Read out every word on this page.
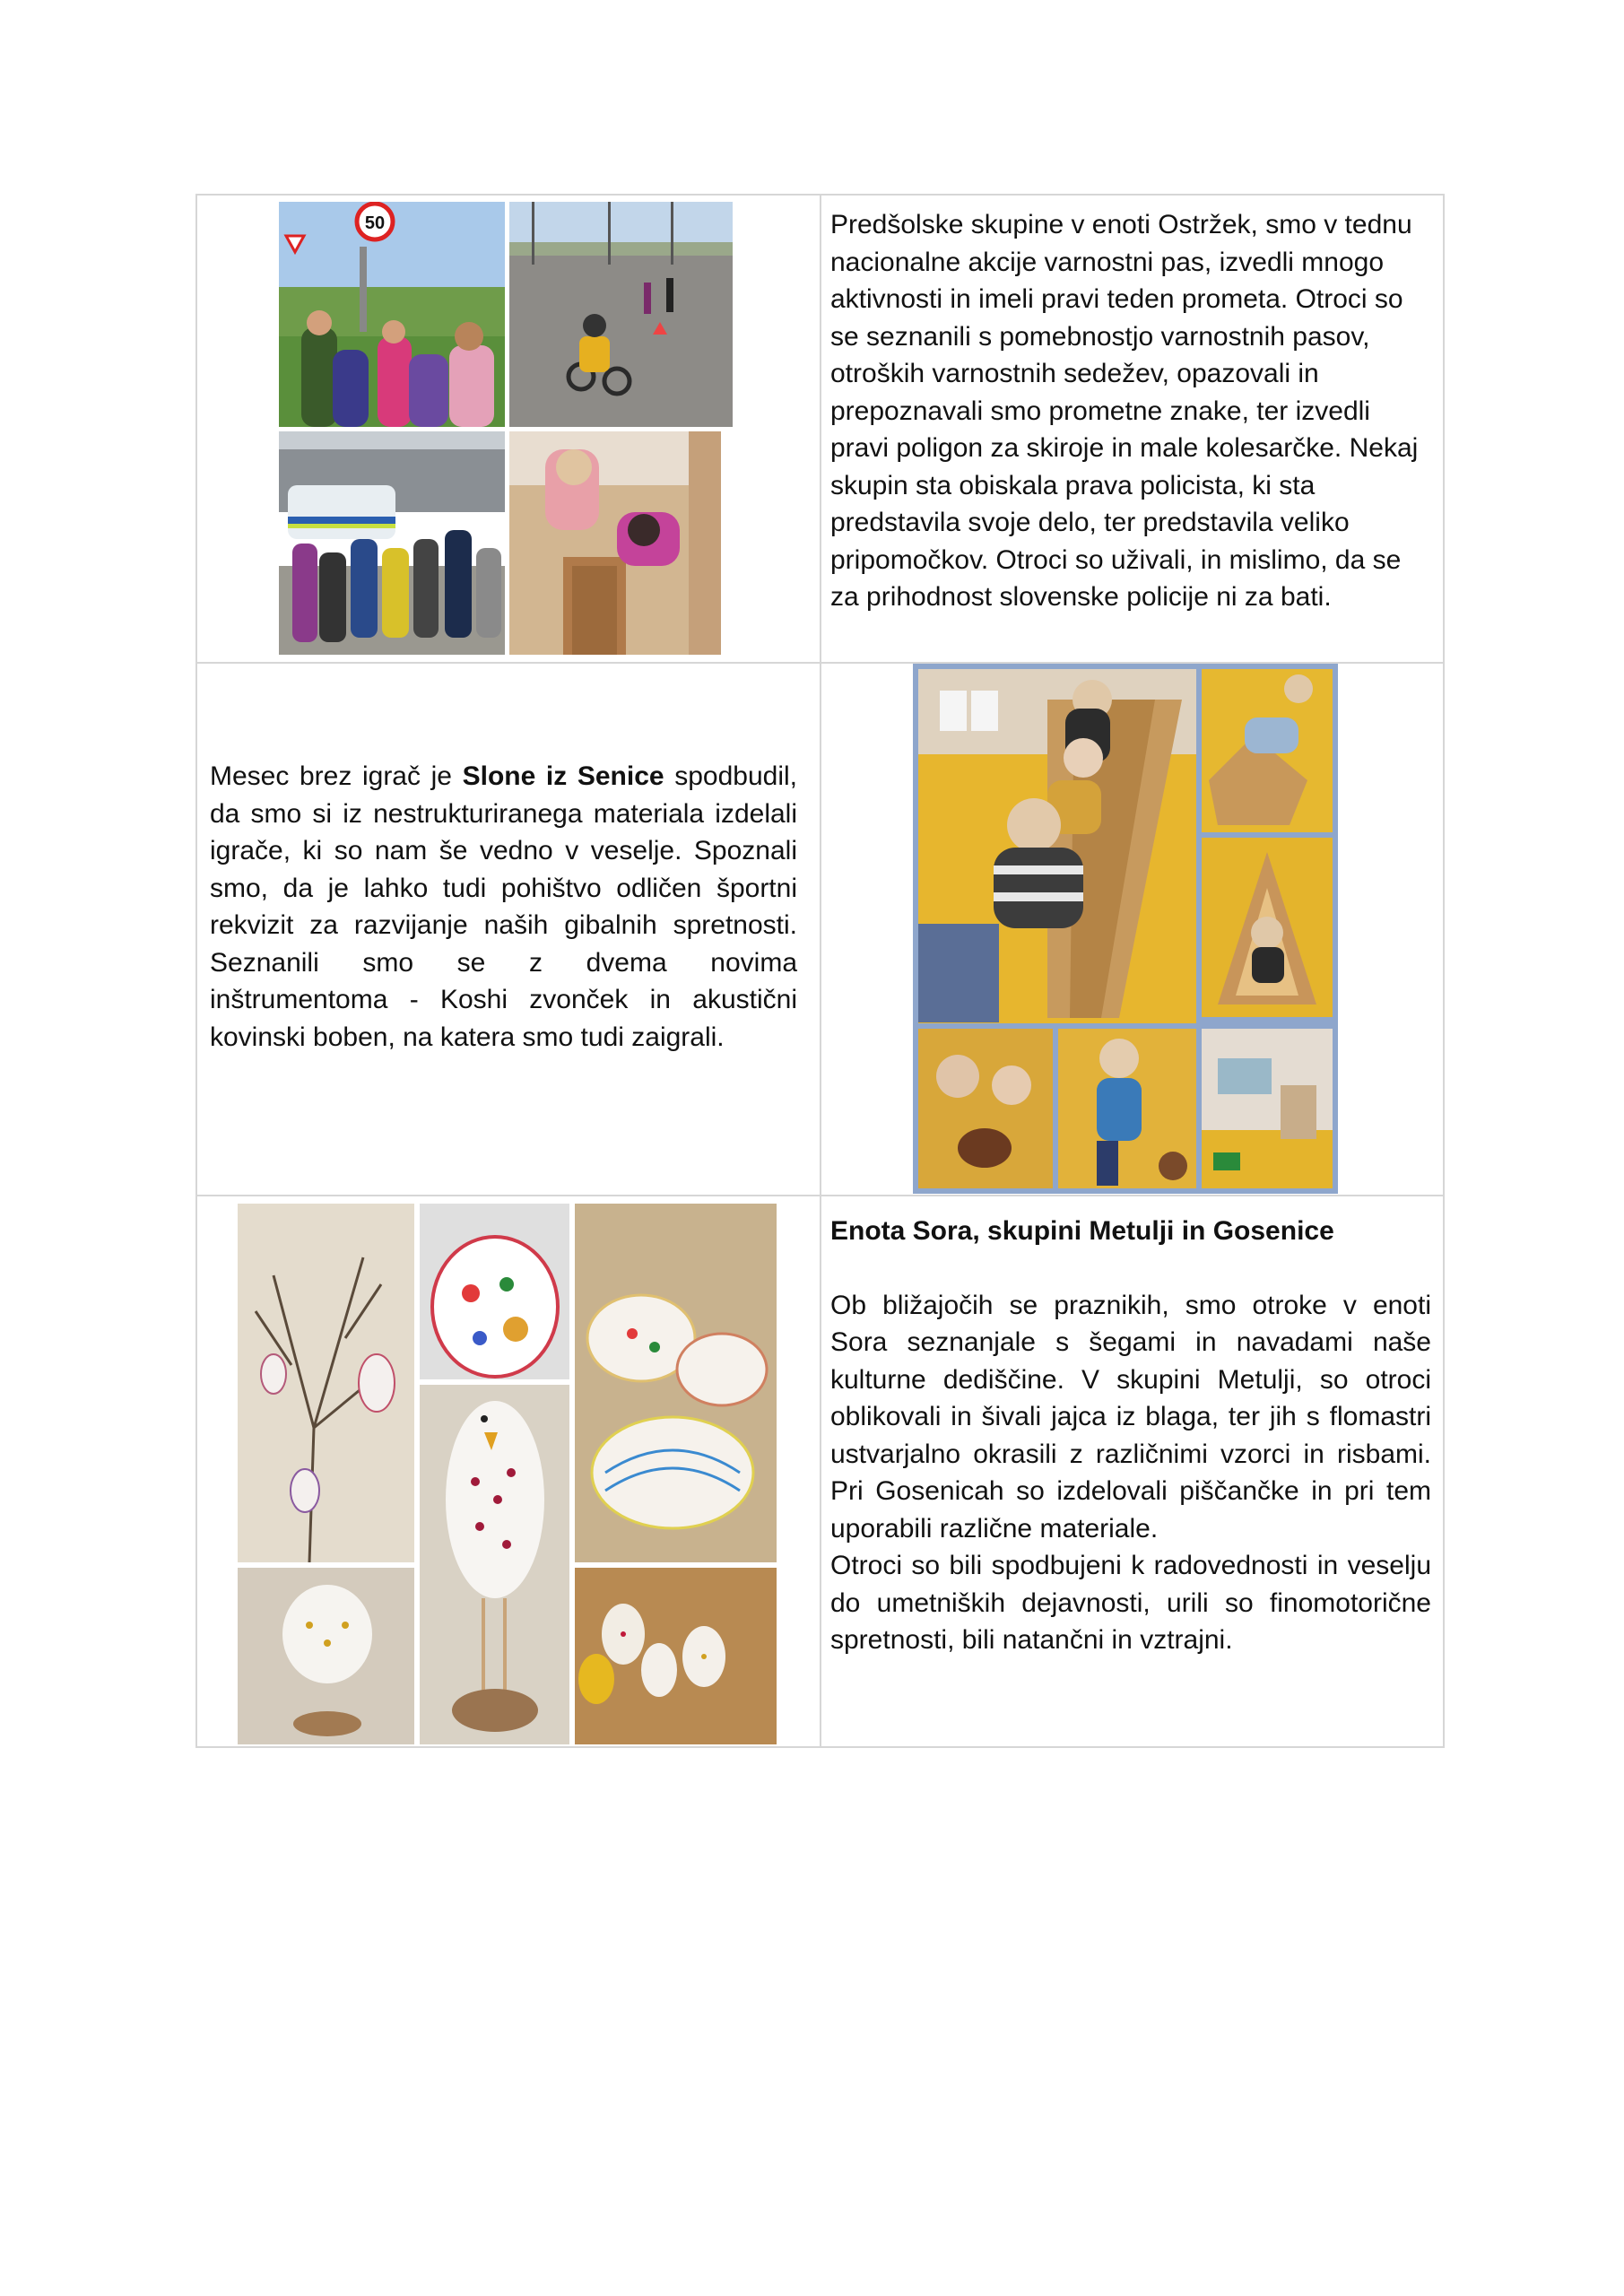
50	Predšolske skupine v enoti Ostržek, smo v tednu nacionalne akcije varnostni pas, izvedli mnogo aktivnosti in imeli pravi teden prometa. Otroci so se seznanili s pomebnostjo varnostnih pasov, otroških varnostnih sedežev, opazovali in prepoznavali smo prometne znake, ter izvedli pravi poligon za skiroje in male kolesarčke. Nekaj skupin sta obiskala prava policista, ki sta predstavila svoje delo, ter predstavila veliko pripomočkov. Otroci so uživali, in mislimo, da se za prihodnost slovenske policije ni za bati.

Mesec brez igrač je Slone iz Senice spodbudil, da smo si iz nestrukturiranega materiala izdelali igrače, ki so nam še vedno v veselje. Spoznali smo, da je lahko tudi pohištvo odličen športni rekvizit za razvijanje naših gibalnih spretnosti. Seznanili smo se z dvema novima inštrumentoma - Koshi zvonček in akustični kovinski boben, na katera smo tudi zaigrali.

Enota Sora, skupini Metulji in Gosenice

Ob bližajočih se praznikih, smo otroke v enoti Sora seznanjale s šegami in navadami naše kulturne dediščine. V skupini Metulji, so otroci oblikovali in šivali jajca iz blaga, ter jih s flomastri ustvarjalno okrasili z različnimi vzorci in risbami. Pri Gosenicah so izdelovali piščančke in pri tem uporabili različne materiale.

Otroci so bili spodbujeni k radovednosti in veselju do umetniških dejavnosti, urili so finomotorične spretnosti, bili natančni in vztrajni.
